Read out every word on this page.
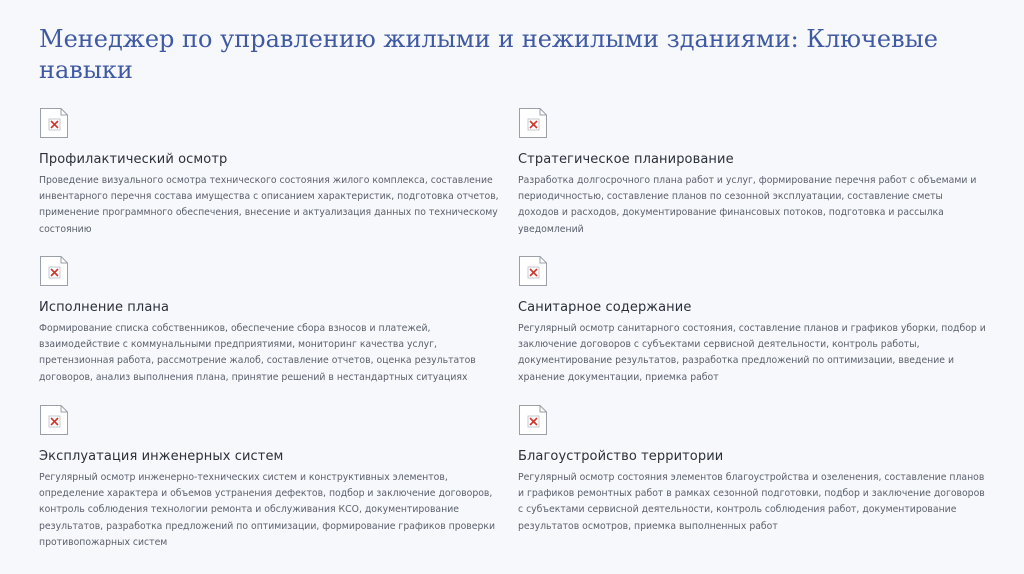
Менеджер по управлению жилыми и нежилыми зданиями: Ключевые навыки
Профилактический осмотр

Проведение визуального осмотра технического состояния жилого комплекса, составление инвентарного перечня состава имущества с описанием характеристик, подготовка отчетов, применение программного обеспечения, внесение и актуализация данных по техническому состоянию

Стратегическое планирование

Разработка долгосрочного плана работ и услуг, формирование перечня работ с объемами и периодичностью, составление планов по сезонной эксплуатации, составление сметы доходов и расходов, документирование финансовых потоков, подготовка и рассылка уведомлений

Исполнение плана

Формирование списка собственников, обеспечение сбора взносов и платежей, взаимодействие с коммунальными предприятиями, мониторинг качества услуг, претензионная работа, рассмотрение жалоб, составление отчетов, оценка результатов договоров, анализ выполнения плана, принятие решений в нестандартных ситуациях

Санитарное содержание

Регулярный осмотр санитарного состояния, составление планов и графиков уборки, подбор и заключение договоров с субъектами сервисной деятельности, контроль работы, документирование результатов, разработка предложений по оптимизации, введение и хранение документации, приемка работ

Эксплуатация инженерных систем

Регулярный осмотр инженерно-технических систем и конструктивных элементов, определение характера и объемов устранения дефектов, подбор и заключение договоров, контроль соблюдения технологии ремонта и обслуживания КСО, документирование результатов, разработка предложений по оптимизации, формирование графиков проверки противопожарных систем

Благоустройство территории

Регулярный осмотр состояния элементов благоустройства и озеленения, составление планов и графиков ремонтных работ в рамках сезонной подготовки, подбор и заключение договоров с субъектами сервисной деятельности, контроль соблюдения работ, документирование результатов осмотров, приемка выполненных работ
